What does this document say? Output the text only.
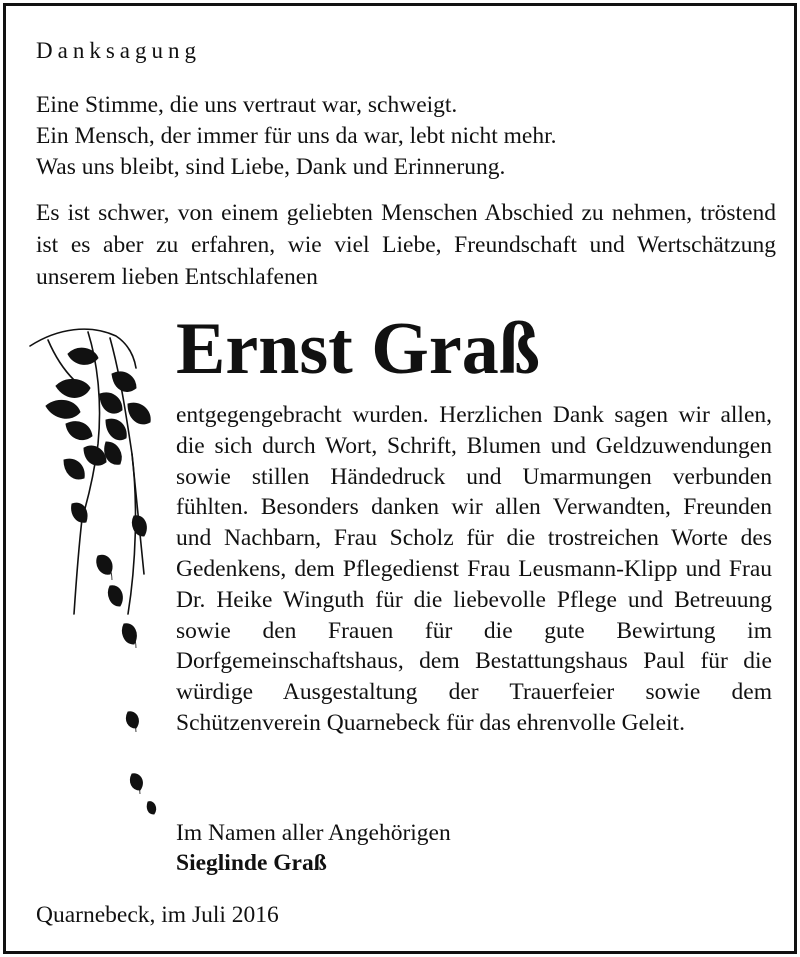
Danksagung

Eine Stimme, die uns vertraut war, schweigt.
Ein Mensch, der immer für uns da war, lebt nicht mehr.
Was uns bleibt, sind Liebe, Dank und Erinnerung.

Es ist schwer, von einem geliebten Menschen Abschied zu nehmen, tröstend ist es aber zu erfahren, wie viel Liebe, Freundschaft und Wertschätzung unserem lieben Entschlafenen

Ernst Graß

entgegengebracht wurden. Herzlichen Dank sagen wir allen, die sich durch Wort, Schrift, Blumen und Geldzuwendungen sowie stillen Händedruck und Umarmungen verbunden fühlten. Besonders danken wir allen Verwandten, Freunden und Nachbarn, Frau Scholz für die trostreichen Worte des Gedenkens, dem Pflegedienst Frau Leusmann-Klipp und Frau Dr. Heike Winguth für die liebevolle Pflege und Betreuung sowie den Frauen für die gute Bewirtung im Dorfgemeinschaftshaus, dem Bestattungshaus Paul für die würdige Ausgestaltung der Trauerfeier sowie dem Schützenverein Quarnebeck für das ehrenvolle Geleit.

Im Namen aller Angehörigen
Sieglinde Graß
Quarnebeck, im Juli 2016
